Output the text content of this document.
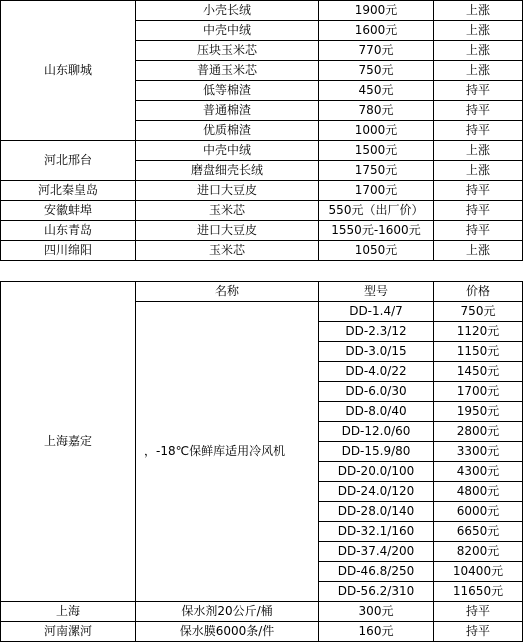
山东聊城	小壳长绒	1900元	上涨
	中壳中绒	1600元	上涨
	压块玉米芯	770元	上涨
	普通玉米芯	750元	上涨
	低等棉渣	450元	持平
	普通棉渣	780元	持平
	优质棉渣	1000元	持平
河北邢台	中壳中绒	1500元	上涨
	磨盘细壳长绒	1750元	上涨
河北秦皇岛	进口大豆皮	1700元	持平
安徽蚌埠	玉米芯	550元（出厂价）	持平
山东青岛	进口大豆皮	1550元-1600元	持平
四川绵阳	玉米芯	1050元	上涨
上海嘉定	名称	型号	价格
	，-18℃保鲜库适用冷风机	DD-1.4/7	750元
		DD-2.3/12	1120元
		DD-3.0/15	1150元
		DD-4.0/22	1450元
		DD-6.0/30	1700元
		DD-8.0/40	1950元
		DD-12.0/60	2800元
		DD-15.9/80	3300元
		DD-20.0/100	4300元
		DD-24.0/120	4800元
		DD-28.0/140	6000元
		DD-32.1/160	6650元
		DD-37.4/200	8200元
		DD-46.8/250	10400元
		DD-56.2/310	11650元
上海	保水剂20公斤/桶	300元	持平
河南漯河	保水膜6000条/件	160元	持平
